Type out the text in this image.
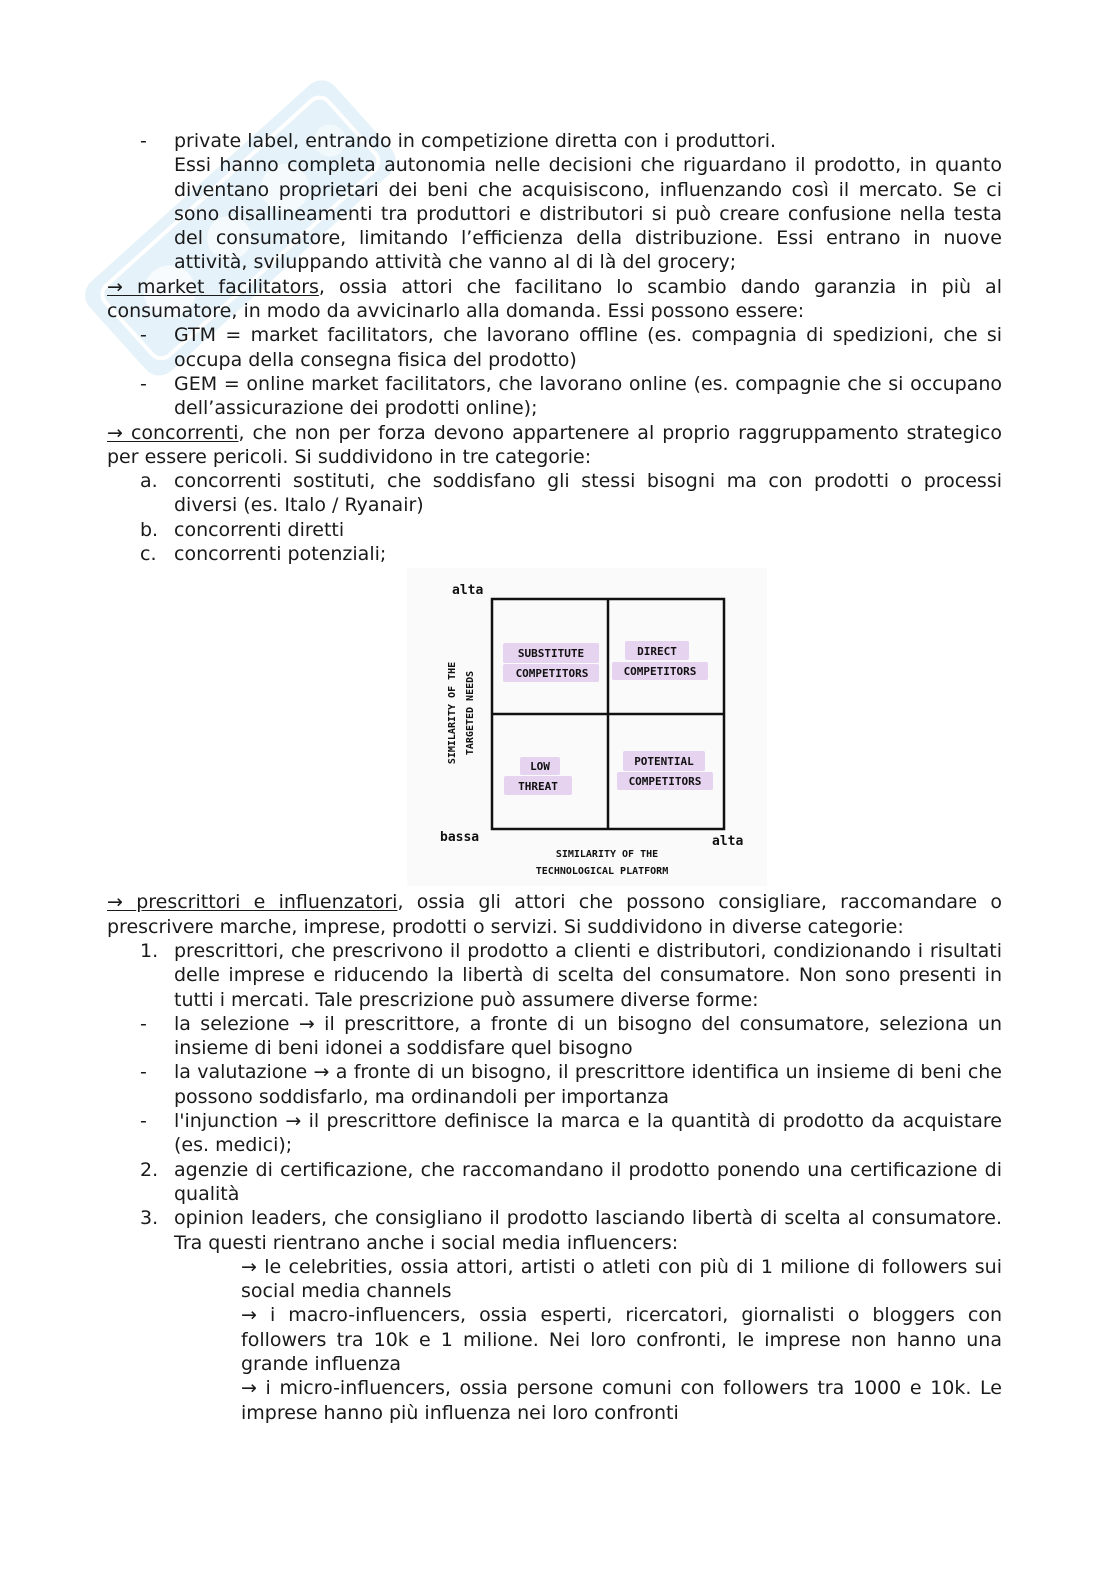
- private label, entrando in competizione diretta con i produttori.

Essi hanno completa autonomia nelle decisioni che riguardano il prodotto, in quanto diventano proprietari dei beni che acquisiscono, influenzando così il mercato. Se ci sono disallineamenti tra produttori e distributori si può creare confusione nella testa del consumatore, limitando l’efficienza della distribuzione. Essi entrano in nuove attività, sviluppando attività che vanno al di là del grocery;

→ market facilitators, ossia attori che facilitano lo scambio dando garanzia in più al consumatore, in modo da avvicinarlo alla domanda. Essi possono essere:

- GTM = market facilitators, che lavorano offline (es. compagnia di spedizioni, che si occupa della consegna fisica del prodotto)

- GEM = online market facilitators, che lavorano online (es. compagnie che si occupano dell’assicurazione dei prodotti online);

→ concorrenti, che non per forza devono appartenere al proprio raggruppamento strategico per essere pericoli. Si suddividono in tre categorie:

a. concorrenti sostituti, che soddisfano gli stessi bisogni ma con prodotti o processi diversi (es. Italo / Ryanair)

b. concorrenti diretti

c. concorrenti potenziali;

SUBSTITUTE
COMPETITORS
DIRECT
COMPETITORS
LOW
THREAT
POTENTIAL
COMPETITORS
alta
bassa	alta
SIMILARITY OF THE
TECHNOLOGICAL PLATFORM
SIMILARITY OF THE TARGETED NEEDS

→ prescrittori e influenzatori, ossia gli attori che possono consigliare, raccomandare o prescrivere marche, imprese, prodotti o servizi. Si suddividono in diverse categorie:

1. prescrittori, che prescrivono il prodotto a clienti e distributori, condizionando i risultati delle imprese e riducendo la libertà di scelta del consumatore. Non sono presenti in tutti i mercati. Tale prescrizione può assumere diverse forme:

- la selezione → il prescrittore, a fronte di un bisogno del consumatore, seleziona un insieme di beni idonei a soddisfare quel bisogno

- la valutazione → a fronte di un bisogno, il prescrittore identifica un insieme di beni che possono soddisfarlo, ma ordinandoli per importanza

- l'injunction → il prescrittore definisce la marca e la quantità di prodotto da acquistare (es. medici);

2. agenzie di certificazione, che raccomandano il prodotto ponendo una certificazione di qualità

3. opinion leaders, che consigliano il prodotto lasciando libertà di scelta al consumatore. Tra questi rientrano anche i social media influencers:

→ le celebrities, ossia attori, artisti o atleti con più di 1 milione di followers sui social media channels

→ i macro-influencers, ossia esperti, ricercatori, giornalisti o bloggers con followers tra 10k e 1 milione. Nei loro confronti, le imprese non hanno una grande influenza

→ i micro-influencers, ossia persone comuni con followers tra 1000 e 10k. Le imprese hanno più influenza nei loro confronti
